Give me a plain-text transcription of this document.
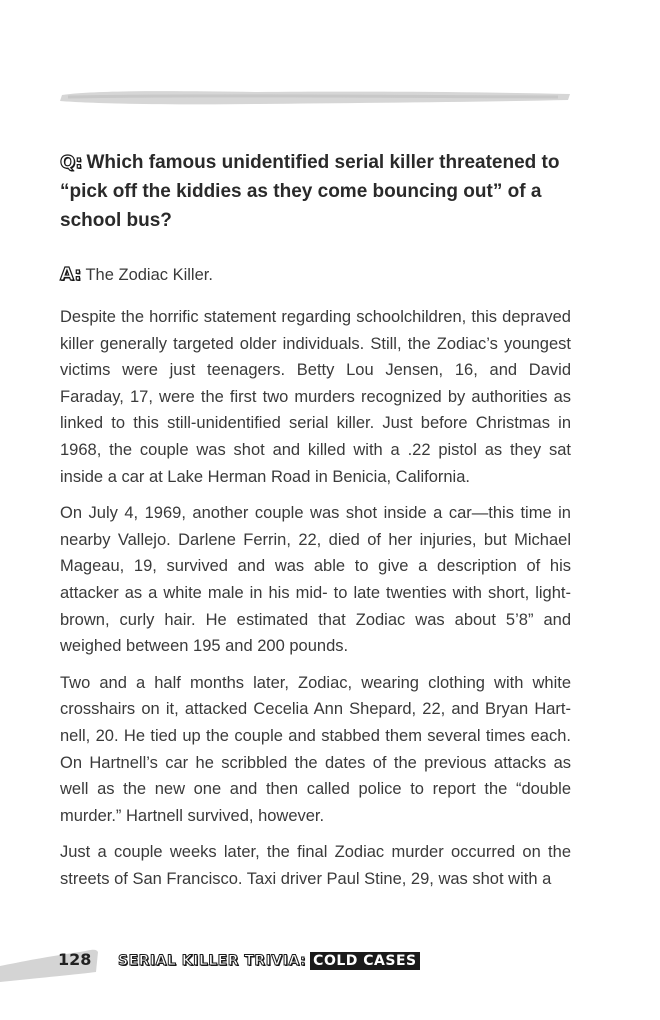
Q: Which famous unidentified serial killer threatened to “pick off the kiddies as they come bouncing out” of a school bus?
A: The Zodiac Killer.

Despite the horrific statement regarding schoolchildren, this depraved killer generally targeted older individuals. Still, the Zodiac’s youngest victims were just teenagers. Betty Lou Jensen, 16, and David Faraday, 17, were the first two murders recognized by authorities as linked to this still-unidentified serial killer. Just before Christmas in 1968, the couple was shot and killed with a .22 pistol as they sat inside a car at Lake Herman Road in Benicia, California.

On July 4, 1969, another couple was shot inside a car—this time in nearby Vallejo. Darlene Ferrin, 22, died of her injuries, but Michael Mageau, 19, survived and was able to give a description of his attacker as a white male in his mid- to late twenties with short, light-brown, curly hair. He estimated that Zodiac was about 5’8” and weighed between 195 and 200 pounds.

Two and a half months later, Zodiac, wearing clothing with white crosshairs on it, attacked Cecelia Ann Shepard, 22, and Bryan Hart-nell, 20. He tied up the couple and stabbed them several times each. On Hartnell’s car he scribbled the dates of the previous attacks as well as the new one and then called police to report the “double murder.” Hartnell survived, however.

Just a couple weeks later, the final Zodiac murder occurred on the streets of San Francisco. Taxi driver Paul Stine, 29, was shot with a

128 SERIAL KILLER TRIVIA: COLD CASES
